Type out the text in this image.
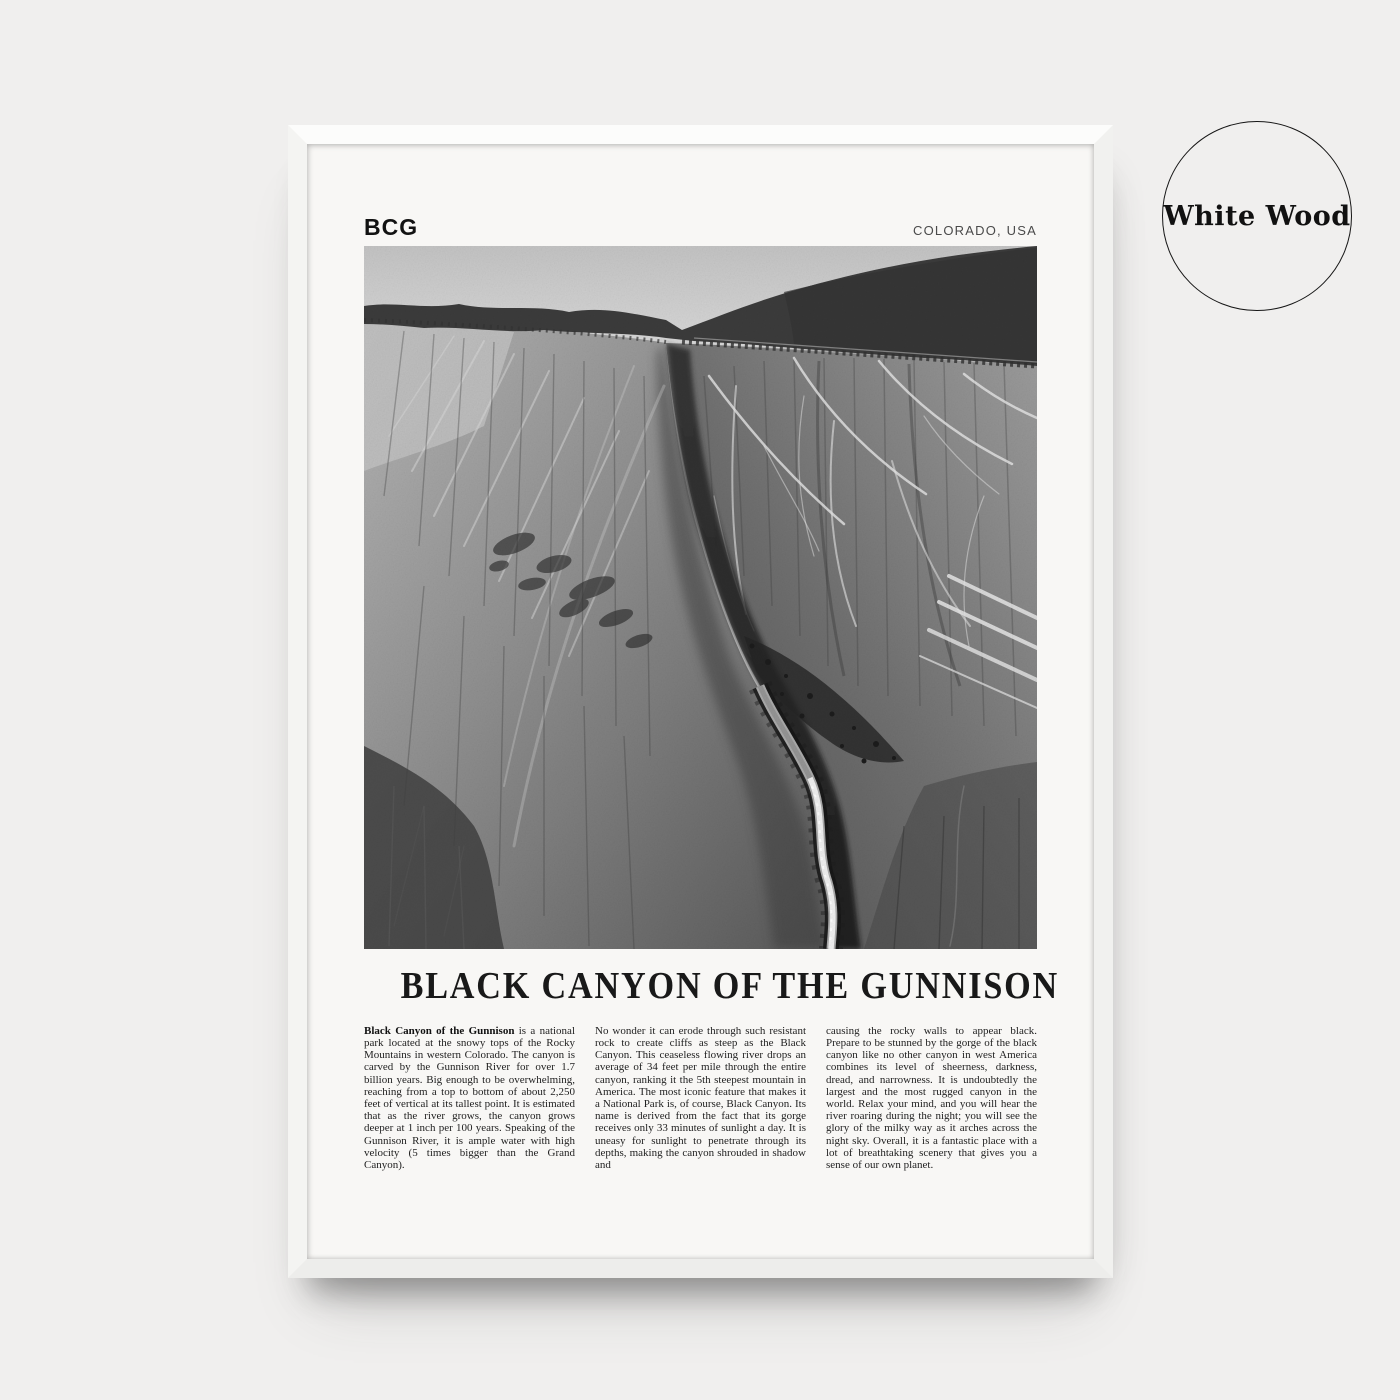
BCG	COLORADO, USA
BLACK CANYON OF THE GUNNISON

Black Canyon of the Gunnison is a national park located at the snowy tops of the Rocky Mountains in western Colorado. The canyon is carved by the Gunnison River for over 1.7 billion years. Big enough to be overwhelming, reaching from a top to bottom of about 2,250 feet of vertical at its tallest point. It is estimated that as the river grows, the canyon grows deeper at 1 inch per 100 years. Speaking of the Gunnison River, it is ample water with high velocity (5 times bigger than the Grand Canyon).

No wonder it can erode through such resistant rock to create cliffs as steep as the Black Canyon. This ceaseless flowing river drops an average of 34 feet per mile through the entire canyon, ranking it the 5th steepest mountain in America. The most iconic feature that makes it a National Park is, of course, Black Canyon. Its name is derived from the fact that its gorge receives only 33 minutes of sunlight a day. It is uneasy for sunlight to penetrate through its depths, making the canyon shrouded in shadow and

causing the rocky walls to appear black. Prepare to be stunned by the gorge of the black canyon like no other canyon in west America combines its level of sheerness, darkness, dread, and narrowness. It is undoubtedly the largest and the most rugged canyon in the world. Relax your mind, and you will hear the river roaring during the night; you will see the glory of the milky way as it arches across the night sky. Overall, it is a fantastic place with a lot of breathtaking scenery that gives you a sense of our own planet.

White Wood
